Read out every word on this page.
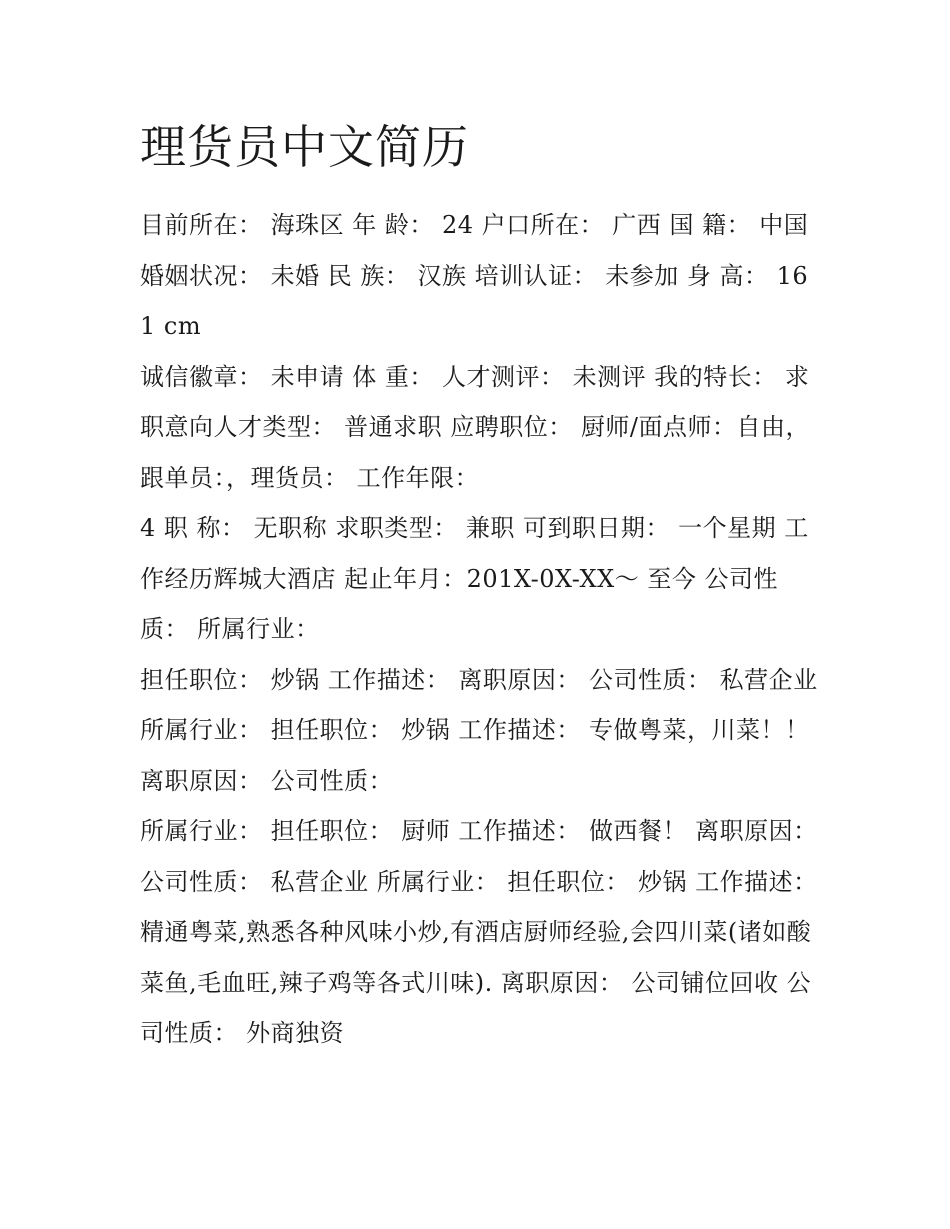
理货员中文简历

目前所在： 海珠区 年 龄： 24 户口所在： 广西 国 籍： 中国 婚姻状况： 未婚 民 族： 汉族 培训认证： 未参加 身 高： 161 cm

诚信徽章： 未申请 体 重： 人才测评： 未测评 我的特长： 求职意向人才类型： 普通求职 应聘职位： 厨师/面点师：自由，跟单员：，理货员： 工作年限：

4 职 称： 无职称 求职类型： 兼职 可到职日期： 一个星期 工作经历辉城大酒店 起止年月：201X-0X-XX～ 至今 公司性质： 所属行业：

担任职位： 炒锅 工作描述： 离职原因： 公司性质： 私营企业 所属行业： 担任职位： 炒锅 工作描述： 专做粤菜，川菜！！ 离职原因： 公司性质：

所属行业： 担任职位： 厨师 工作描述： 做西餐！ 离职原因： 公司性质： 私营企业 所属行业： 担任职位： 炒锅 工作描述：

精通粤菜,熟悉各种风味小炒,有酒店厨师经验,会四川菜(诸如酸菜鱼,毛血旺,辣子鸡等各式川味). 离职原因： 公司铺位回收 公司性质： 外商独资
